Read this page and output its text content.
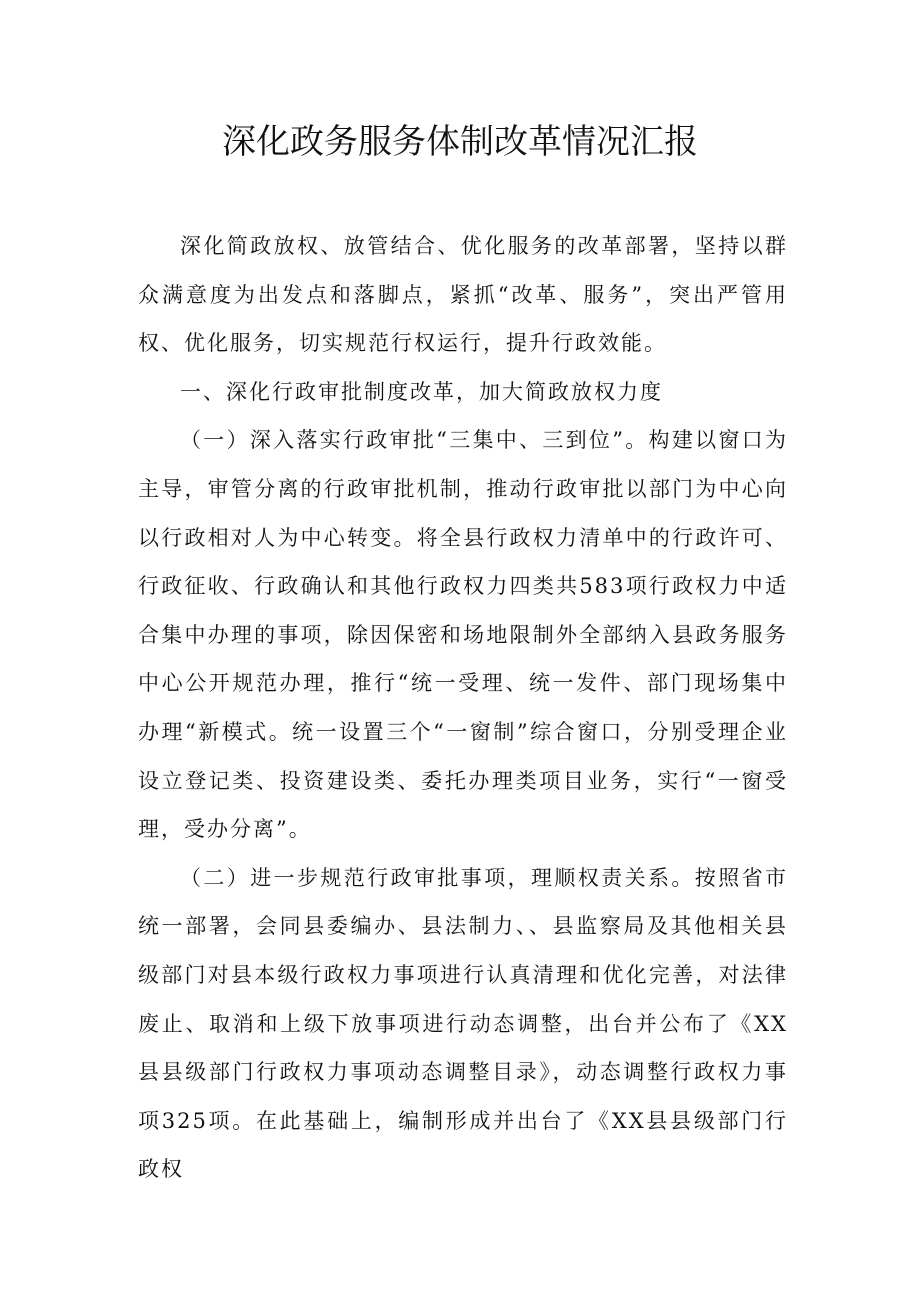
深化政务服务体制改革情况汇报

深化简政放权、放管结合、优化服务的改革部署，坚持以群众满意度为出发点和落脚点，紧抓“改革、服务”，突出严管用权、优化服务，切实规范行权运行，提升行政效能。

一、深化行政审批制度改革，加大简政放权力度

（一）深入落实行政审批“三集中、三到位”。构建以窗口为主导，审管分离的行政审批机制，推动行政审批以部门为中心向以行政相对人为中心转变。将全县行政权力清单中的行政许可、行政征收、行政确认和其他行政权力四类共583项行政权力中适合集中办理的事项，除因保密和场地限制外全部纳入县政务服务中心公开规范办理，推行“统一受理、统一发件、部门现场集中办理“新模式。统一设置三个“一窗制”综合窗口，分别受理企业设立登记类、投资建设类、委托办理类项目业务，实行“一窗受理，受办分离”。

（二）进一步规范行政审批事项，理顺权责关系。按照省市统一部署，会同县委编办、县法制力、、县监察局及其他相关县级部门对县本级行政权力事项进行认真清理和优化完善，对法律废止、取消和上级下放事项进行动态调整，出台并公布了《XX县县级部门行政权力事项动态调整目录》，动态调整行政权力事项325项。在此基础上，编制形成并出台了《XX县县级部门行政权
